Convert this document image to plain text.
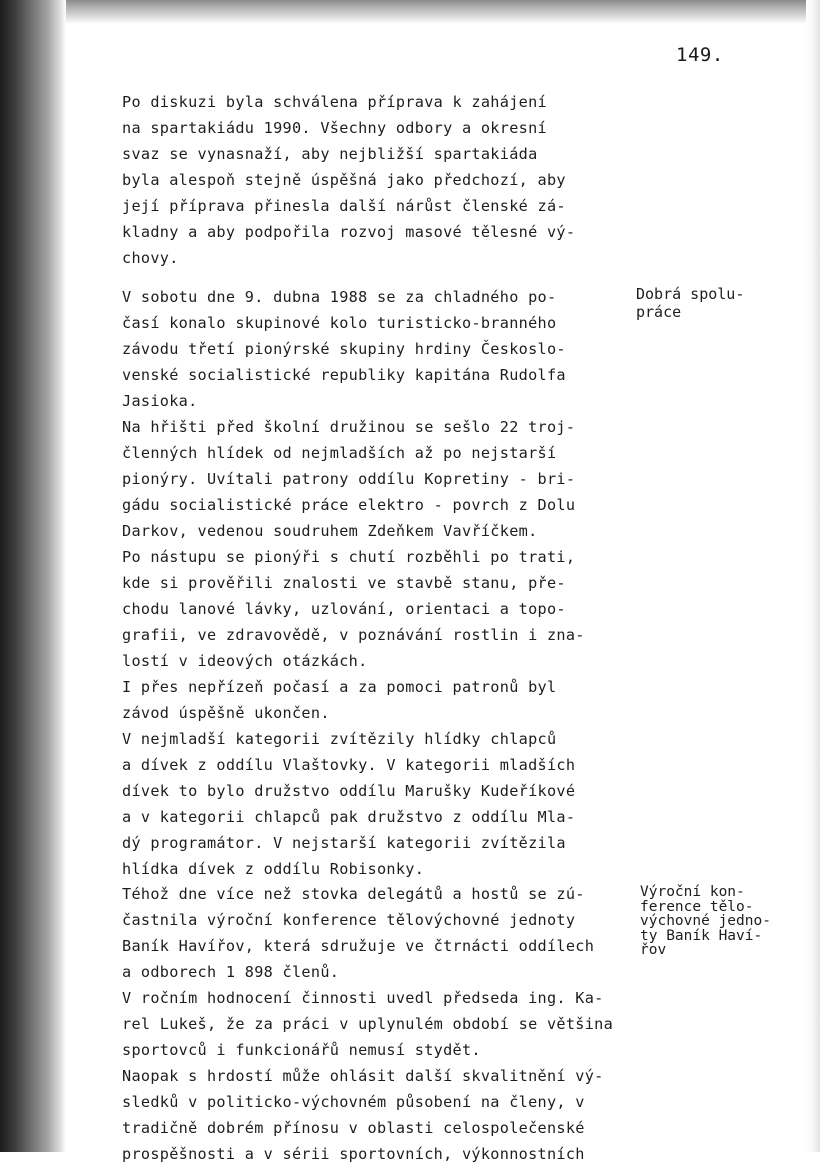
149.
Po diskuzi byla schválena příprava k zahájení
na spartakiádu 1990. Všechny odbory a okresní
svaz se vynasnaží, aby nejbližší spartakiáda
byla alespoň stejně úspěšná jako předchozí, aby
její příprava přinesla další nárůst členské zá-
kladny a aby podpořila rozvoj masové tělesné vý-
chovy.
V sobotu dne 9. dubna 1988 se za chladného po-
časí konalo skupinové kolo turisticko-branného
závodu třetí pionýrské skupiny hrdiny Českoslo-
venské socialistické republiky kapitána Rudolfa
Jasioka.
Na hřišti před školní družinou se sešlo 22 troj-
členných hlídek od nejmladších až po nejstarší
pionýry. Uvítali patrony oddílu Kopretiny - bri-
gádu socialistické práce elektro - povrch z Dolu
Darkov, vedenou soudruhem Zdeňkem Vavříčkem.
Po nástupu se pionýři s chutí rozběhli po trati,
kde si prověřili znalosti ve stavbě stanu, pře-
chodu lanové lávky, uzlování, orientaci a topo-
grafii, ve zdravovědě, v poznávání rostlin i zna-
lostí v ideových otázkách.
I přes nepřízeň počasí a za pomoci patronů byl
závod úspěšně ukončen.
V nejmladší kategorii zvítězily hlídky chlapců
a dívek z oddílu Vlaštovky. V kategorii mladších
dívek to bylo družstvo oddílu Marušky Kudeříkové
a v kategorii chlapců pak družstvo z oddílu Mla-
dý programátor. V nejstarší kategorii zvítězila
hlídka dívek z oddílu Robisonky.
Téhož dne více než stovka delegátů a hostů se zú-
častnila výroční konference tělovýchovné jednoty
Baník Havířov, která sdružuje ve čtrnácti oddílech
a odborech 1 898 členů.
V ročním hodnocení činnosti uvedl předseda ing. Ka-
rel Lukeš, že za práci v uplynulém období se většina
sportovců i funkcionářů nemusí stydět.
Naopak s hrdostí může ohlásit další skvalitnění vý-
sledků v politicko-výchovném působení na členy, v
tradičně dobrém přínosu v oblasti celospolečenské
prospěšnosti a v sérii sportovních, výkonnostních
Dobrá spolu-
práce
Výroční kon-
ference tělo-
výchovné jedno-
ty Baník Haví-
řov
